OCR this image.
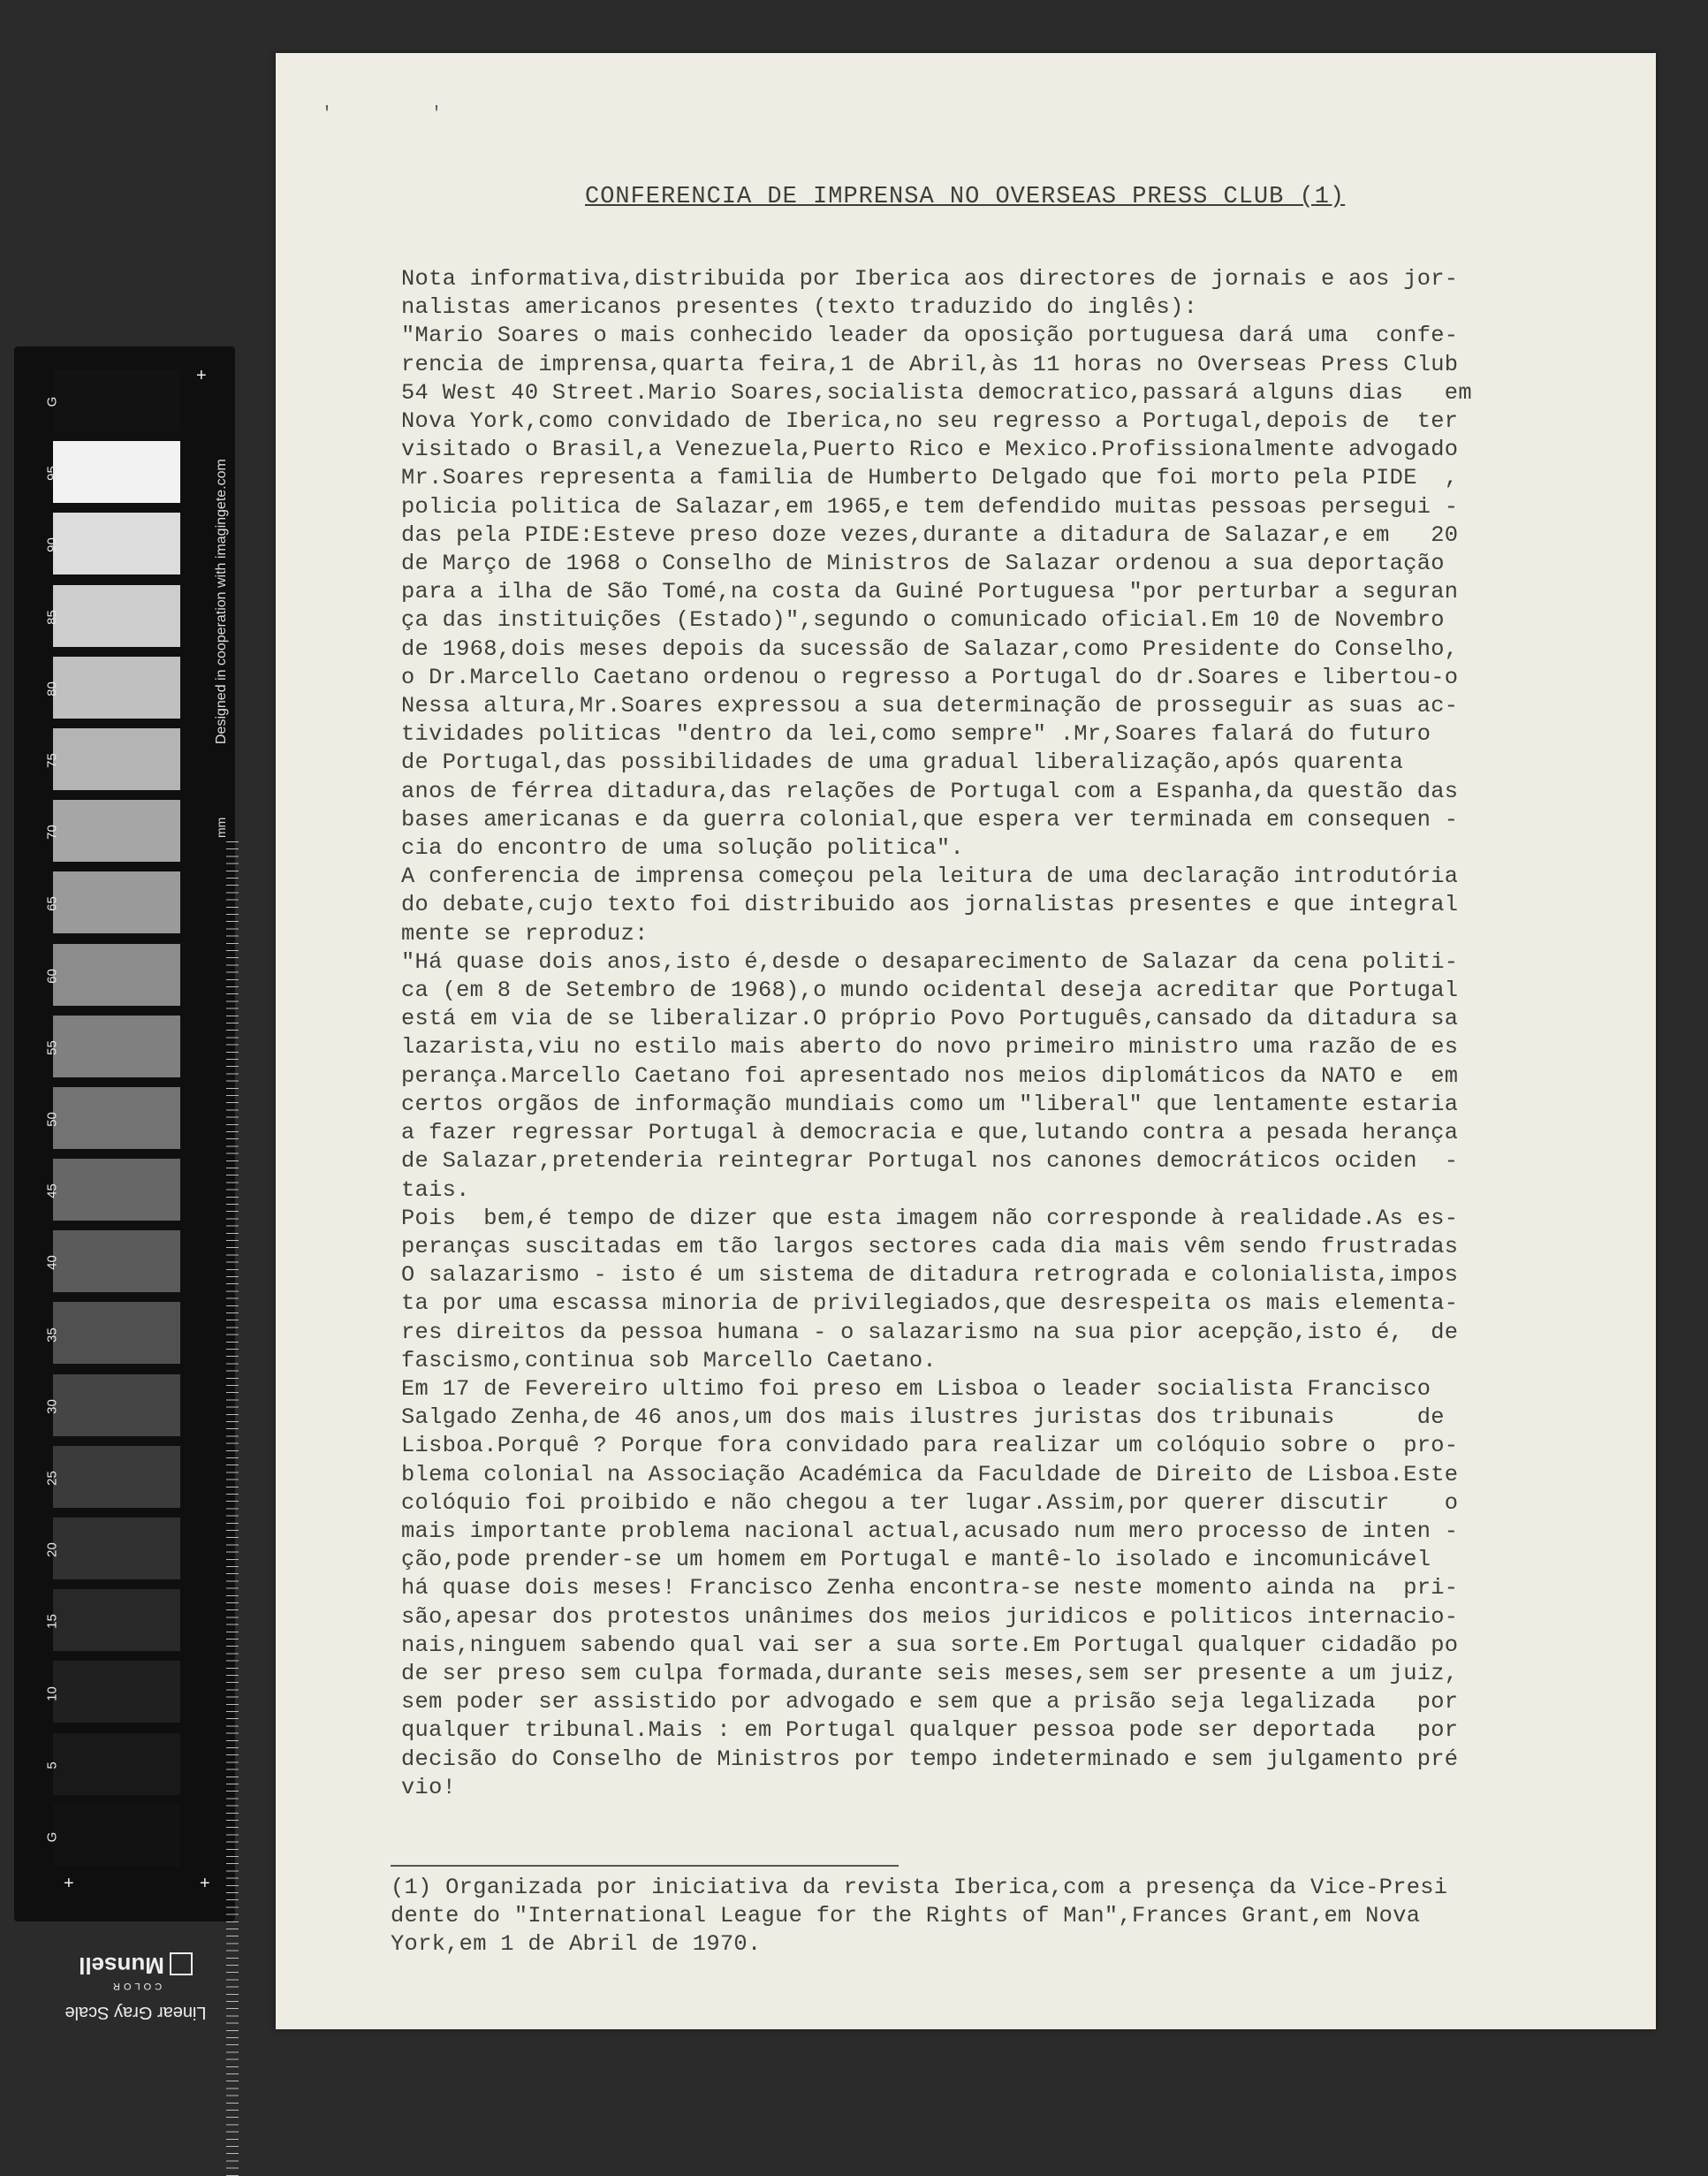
+
G
95
90
85
80
75
70
65
60
55
50
45
40
35
30
25
20
15
10
5
G
+	+
Designed in cooperation with imagingete.com
mm
Linear Gray Scale
COLOR
Munsell
' '
CONFERENCIA DE IMPRENSA NO OVERSEAS PRESS CLUB (1)
Nota informativa,distribuida por Iberica aos directores de jornais e aos jor-
nalistas americanos presentes (texto traduzido do inglês):
"Mario Soares o mais conhecido leader da oposição portuguesa dará uma  confe-
rencia de imprensa,quarta feira,1 de Abril,às 11 horas no Overseas Press Club
54 West 40 Street.Mario Soares,socialista democratico,passará alguns dias   em
Nova York,como convidado de Iberica,no seu regresso a Portugal,depois de  ter
visitado o Brasil,a Venezuela,Puerto Rico e Mexico.Profissionalmente advogado
Mr.Soares representa a familia de Humberto Delgado que foi morto pela PIDE  ,
policia politica de Salazar,em 1965,e tem defendido muitas pessoas persegui -
das pela PIDE:Esteve preso doze vezes,durante a ditadura de Salazar,e em   20
de Março de 1968 o Conselho de Ministros de Salazar ordenou a sua deportação
para a ilha de São Tomé,na costa da Guiné Portuguesa "por perturbar a seguran
ça das instituições (Estado)",segundo o comunicado oficial.Em 10 de Novembro
de 1968,dois meses depois da sucessão de Salazar,como Presidente do Conselho,
o Dr.Marcello Caetano ordenou o regresso a Portugal do dr.Soares e libertou-o
Nessa altura,Mr.Soares expressou a sua determinação de prosseguir as suas ac-
tividades politicas "dentro da lei,como sempre" .Mr,Soares falará do futuro
de Portugal,das possibilidades de uma gradual liberalização,após quarenta
anos de férrea ditadura,das relações de Portugal com a Espanha,da questão das
bases americanas e da guerra colonial,que espera ver terminada em consequen -
cia do encontro de uma solução politica".
A conferencia de imprensa começou pela leitura de uma declaração introdutória
do debate,cujo texto foi distribuido aos jornalistas presentes e que integral
mente se reproduz:
"Há quase dois anos,isto é,desde o desaparecimento de Salazar da cena politi-
ca (em 8 de Setembro de 1968),o mundo ocidental deseja acreditar que Portugal
está em via de se liberalizar.O próprio Povo Português,cansado da ditadura sa
lazarista,viu no estilo mais aberto do novo primeiro ministro uma razão de es
perança.Marcello Caetano foi apresentado nos meios diplomáticos da NATO e  em
certos orgãos de informação mundiais como um "liberal" que lentamente estaria
a fazer regressar Portugal à democracia e que,lutando contra a pesada herança
de Salazar,pretenderia reintegrar Portugal nos canones democráticos ociden  -
tais.
Pois  bem,é tempo de dizer que esta imagem não corresponde à realidade.As es-
peranças suscitadas em tão largos sectores cada dia mais vêm sendo frustradas
O salazarismo - isto é um sistema de ditadura retrograda e colonialista,impos
ta por uma escassa minoria de privilegiados,que desrespeita os mais elementa-
res direitos da pessoa humana - o salazarismo na sua pior acepção,isto é,  de
fascismo,continua sob Marcello Caetano.
Em 17 de Fevereiro ultimo foi preso em Lisboa o leader socialista Francisco
Salgado Zenha,de 46 anos,um dos mais ilustres juristas dos tribunais      de
Lisboa.Porquê ? Porque fora convidado para realizar um colóquio sobre o  pro-
blema colonial na Associação Académica da Faculdade de Direito de Lisboa.Este
colóquio foi proibido e não chegou a ter lugar.Assim,por querer discutir    o
mais importante problema nacional actual,acusado num mero processo de inten -
ção,pode prender-se um homem em Portugal e mantê-lo isolado e incomunicável
há quase dois meses! Francisco Zenha encontra-se neste momento ainda na  pri-
são,apesar dos protestos unânimes dos meios juridicos e politicos internacio-
nais,ninguem sabendo qual vai ser a sua sorte.Em Portugal qualquer cidadão po
de ser preso sem culpa formada,durante seis meses,sem ser presente a um juiz,
sem poder ser assistido por advogado e sem que a prisão seja legalizada   por
qualquer tribunal.Mais : em Portugal qualquer pessoa pode ser deportada   por
decisão do Conselho de Ministros por tempo indeterminado e sem julgamento pré
vio!
(1) Organizada por iniciativa da revista Iberica,com a presença da Vice-Presi
dente do "International League for the Rights of Man",Frances Grant,em Nova
York,em 1 de Abril de 1970.
